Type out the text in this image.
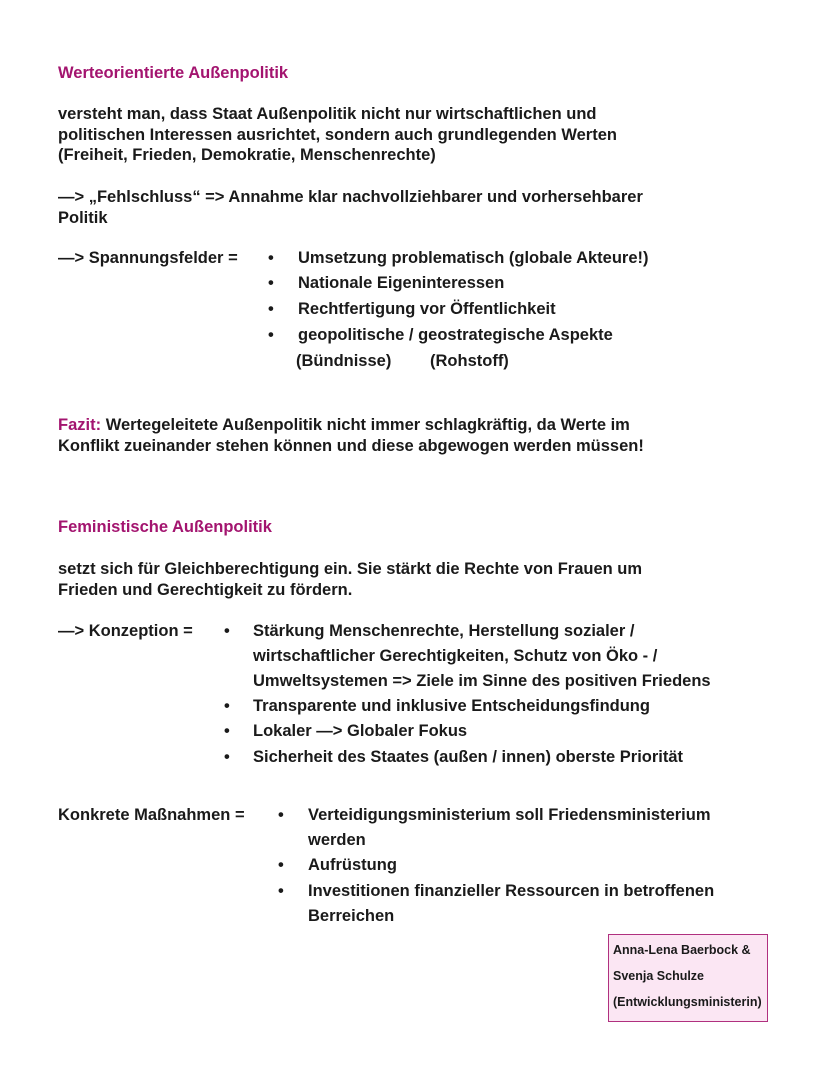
Werteorientierte Außenpolitik
versteht man, dass Staat Außenpolitik nicht nur wirtschaftlichen und
politischen Interessen ausrichtet, sondern auch grundlegenden Werten
(Freiheit, Frieden, Demokratie, Menschenrechte)
—> „Fehlschluss“ => Annahme klar nachvollziehbarer und vorhersehbarer
Politik
—> Spannungsfelder = • Umsetzung problematisch (globale Akteure!)
• Nationale Eigeninteressen
• Rechtfertigung vor Öffentlichkeit
• geopolitische / geostrategische Aspekte
(Bündnisse) (Rohstoff)
Fazit: Wertegeleitete Außenpolitik nicht immer schlagkräftig, da Werte im
Konflikt zueinander stehen können und diese abgewogen werden müssen!
Feministische Außenpolitik
setzt sich für Gleichberechtigung ein. Sie stärkt die Rechte von Frauen um
Frieden und Gerechtigkeit zu fördern.
—> Konzeption = • Stärkung Menschenrechte, Herstellung sozialer /
wirtschaftlicher Gerechtigkeiten, Schutz von Öko - /
Umweltsystemen => Ziele im Sinne des positiven Friedens
• Transparente und inklusive Entscheidungsfindung
• Lokaler —> Globaler Fokus
• Sicherheit des Staates (außen / innen) oberste Priorität
Konkrete Maßnahmen = • Verteidigungsministerium soll Friedensministerium
werden
• Aufrüstung
• Investitionen finanzieller Ressourcen in betroffenen
Berreichen
Anna-Lena Baerbock &
Svenja Schulze
(Entwicklungsministerin)
